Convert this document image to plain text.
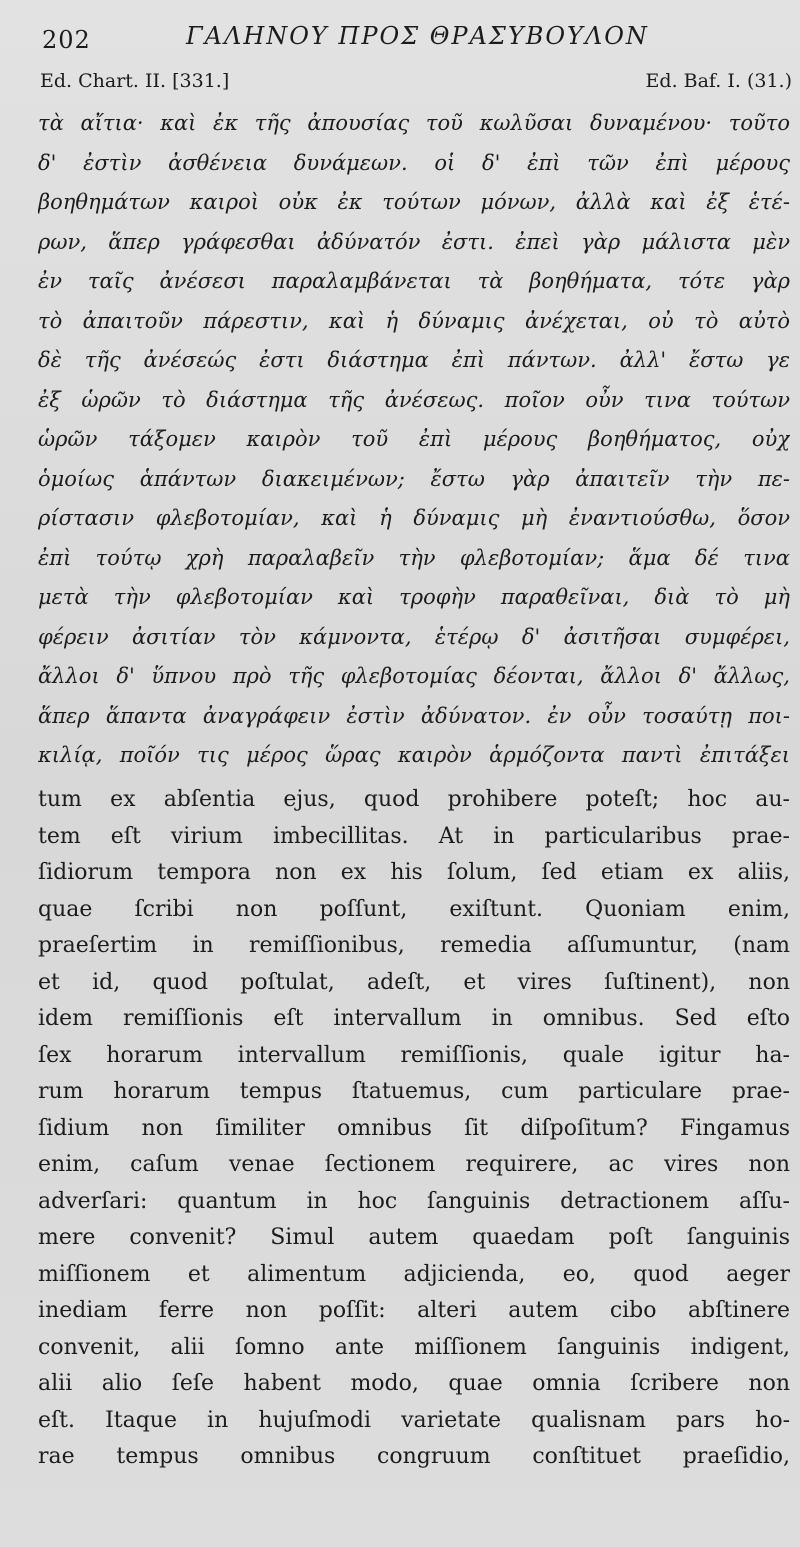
202	ΓΑΛΗΝΟΥ ΠΡΟΣ ΘΡΑΣΥΒΟΥΛΟΝ
Ed. Chart. II. [331.]	Ed. Baf. I. (31.)
τὰ αἴτια· καὶ ἐκ τῆς ἀπουσίας τοῦ κωλῦσαι δυναμένου· τοῦτο
δ' ἐστὶν ἀσθένεια δυνάμεων. οἱ δ' ἐπὶ τῶν ἐπὶ μέρους
βοηθημάτων καιροὶ οὐκ ἐκ τούτων μόνων, ἀλλὰ καὶ ἐξ ἑτέ-
ρων, ἅπερ γράφεσθαι ἀδύνατόν ἐστι. ἐπεὶ γὰρ μάλιστα μὲν
ἐν ταῖς ἀνέσεσι παραλαμβάνεται τὰ βοηθήματα, τότε γὰρ
τὸ ἀπαιτοῦν πάρεστιν, καὶ ἡ δύναμις ἀνέχεται, οὐ τὸ αὐτὸ
δὲ τῆς ἀνέσεώς ἐστι διάστημα ἐπὶ πάντων. ἀλλ' ἔστω γε
ἐξ ὡρῶν τὸ διάστημα τῆς ἀνέσεως. ποῖον οὖν τινα τούτων
ὡρῶν τάξομεν καιρὸν τοῦ ἐπὶ μέρους βοηθήματος, οὐχ
ὁμοίως ἁπάντων διακειμένων; ἔστω γὰρ ἀπαιτεῖν τὴν πε-
ρίστασιν φλεβοτομίαν, καὶ ἡ δύναμις μὴ ἐναντιούσθω, ὅσον
ἐπὶ τούτῳ χρὴ παραλαβεῖν τὴν φλεβοτομίαν; ἅμα δέ τινα
μετὰ τὴν φλεβοτομίαν καὶ τροφὴν παραθεῖναι, διὰ τὸ μὴ
φέρειν ἀσιτίαν τὸν κάμνοντα, ἑτέρῳ δ' ἀσιτῆσαι συμφέρει,
ἄλλοι δ' ὕπνου πρὸ τῆς φλεβοτομίας δέονται, ἄλλοι δ' ἄλλως,
ἅπερ ἅπαντα ἀναγράφειν ἐστὶν ἀδύνατον. ἐν οὖν τοσαύτῃ ποι-
κιλίᾳ, ποῖόν τις μέρος ὥρας καιρὸν ἁρμόζοντα παντὶ ἐπιτάξει
tum ex abſentia ejus, quod prohibere poteſt; hoc au-
tem eſt virium imbecillitas. At in particularibus prae-
ſidiorum tempora non ex his ſolum, ſed etiam ex aliis,
quae ſcribi non poſſunt, exiſtunt. Quoniam enim,
praeſertim in remiſſionibus, remedia aſſumuntur, (nam
et id, quod poſtulat, adeſt, et vires ſuſtinent), non
idem remiſſionis eſt intervallum in omnibus. Sed eſto
ſex horarum intervallum remiſſionis, quale igitur ha-
rum horarum tempus ſtatuemus, cum particulare prae-
ſidium non ſimiliter omnibus ſit diſpoſitum? Fingamus
enim, caſum venae ſectionem requirere, ac vires non
adverſari: quantum in hoc ſanguinis detractionem aſſu-
mere convenit? Simul autem quaedam poſt ſanguinis
miſſionem et alimentum adjicienda, eo, quod aeger
inediam ferre non poſſit: alteri autem cibo abſtinere
convenit, alii ſomno ante miſſionem ſanguinis indigent,
alii alio ſeſe habent modo, quae omnia ſcribere non
eſt. Itaque in hujuſmodi varietate qualisnam pars ho-
rae tempus omnibus congruum conſtituet praeſidio,
